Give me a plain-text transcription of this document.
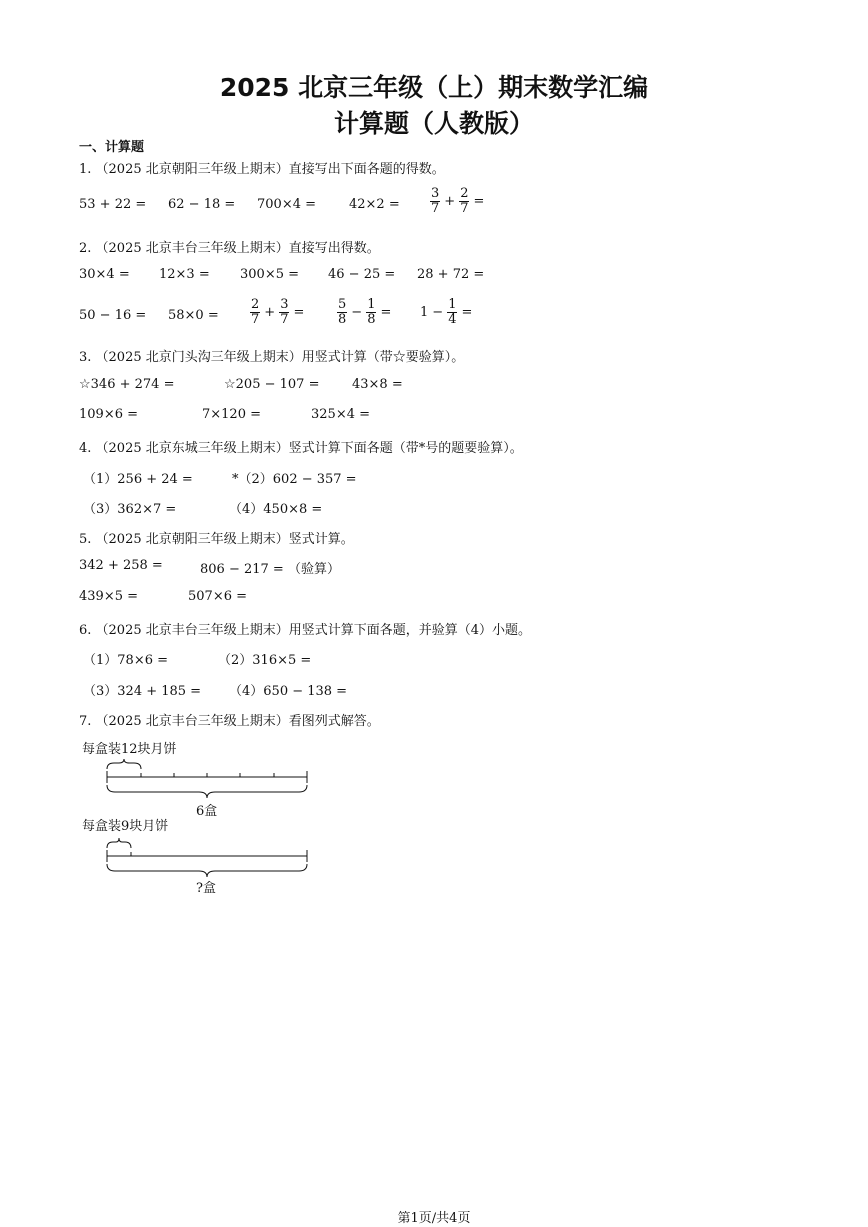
2025 北京三年级（上）期末数学汇编
计算题（人教版）
一、计算题
1. （2025 北京朝阳三年级上期末）直接写出下面各题的得数。
53 + 22 = 62 − 18 = 700×4 =	$42\times 2 = \frac{3}{7} + \frac{2}{7}$ =
2. （2025 北京丰台三年级上期末）直接写出得数。
30×4 = 12×3 = 300×5 = 46 − 25 = 28 + 72 =
$50 - 16 = 58\times 0 = \frac{2}{7} + \frac{3}{7}$ =	$\frac{5}{8} - \frac{1}{8} = 1 - \frac{1}{4}$ =
3. （2025 北京门头沟三年级上期末）用竖式计算（带☆要验算）。
☆346 + 274 =	☆205 − 107 =	43×8 =
109×6 =	7×120 =	325×4 =
4. （2025 北京东城三年级上期末）竖式计算下面各题（带*号的题要验算）。
（1）256 + 24 =	*（2）602 − 357 =
（3）362×7 =	（4）450×8 =
5. （2025 北京朝阳三年级上期末）竖式计算。
342 + 258 =	806 − 217 = （验算）
439×5 =	507×6 =
6. （2025 北京丰台三年级上期末）用竖式计算下面各题，并验算（4）小题。
（1）78×6 =	（2）316×5 =
（3）324 + 185 = （4）650 − 138 =
7. （2025 北京丰台三年级上期末）看图列式解答。
每盒装12块月饼
6盒
每盒装9块月饼
?盒
第1页/共4页
